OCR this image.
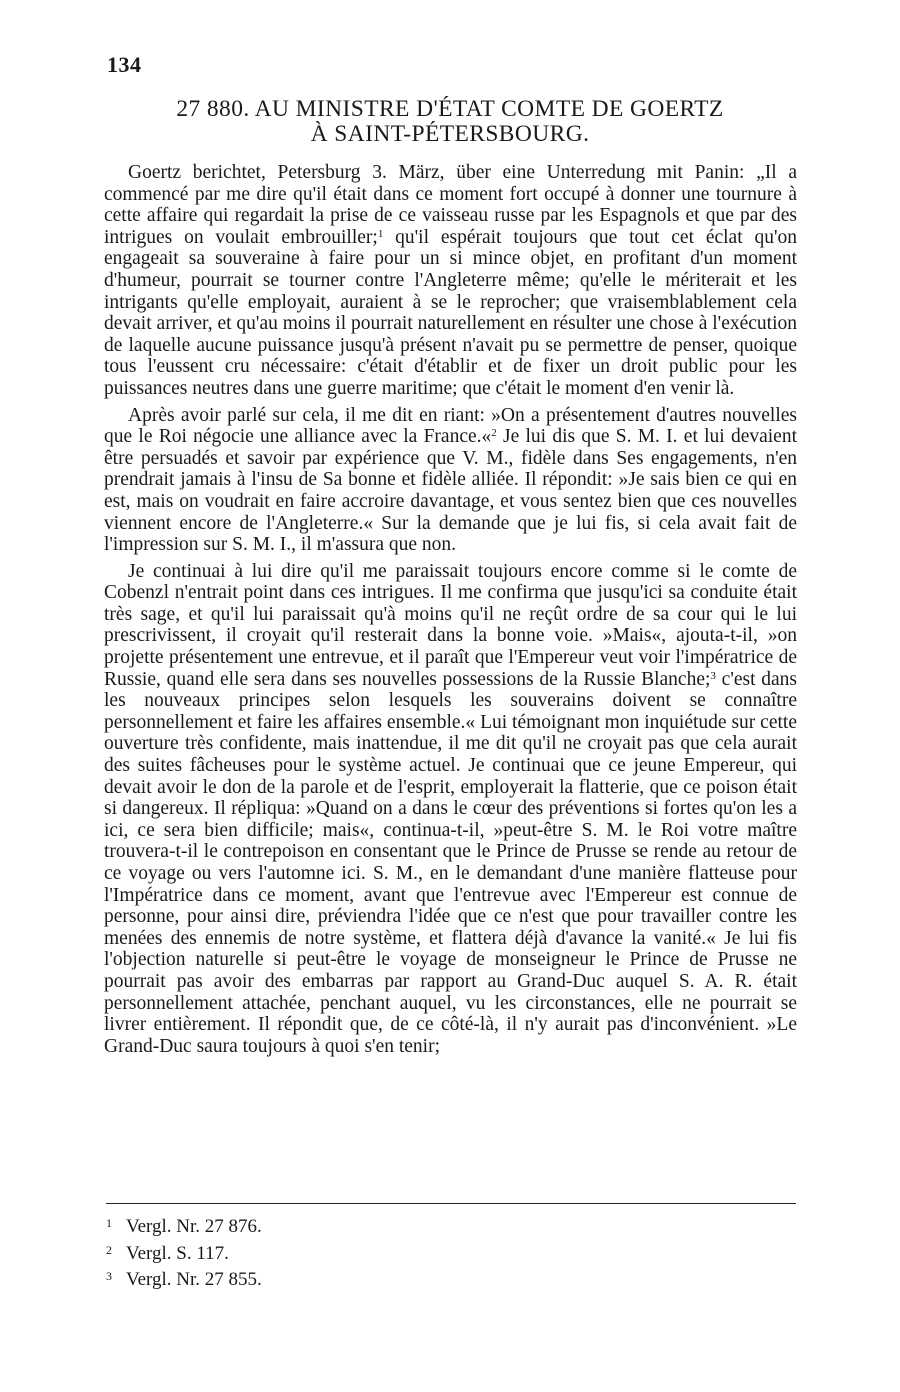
134
27 880. AU MINISTRE D'ÉTAT COMTE DE GOERTZ
À SAINT-PÉTERSBOURG.

Goertz berichtet, Petersburg 3. März, über eine Unterredung mit Panin: „Il a commencé par me dire qu'il était dans ce moment fort occupé à donner une tournure à cette affaire qui regardait la prise de ce vaisseau russe par les Espagnols et que par des intrigues on voulait embrouiller;$^1$ qu'il espérait toujours que tout cet éclat qu'on engageait sa souveraine à faire pour un si mince objet, en profitant d'un moment d'humeur, pourrait se tourner contre l'Angleterre même; qu'elle le mériterait et les intrigants qu'elle employait, auraient à se le reprocher; que vraisemblablement cela devait arriver, et qu'au moins il pourrait naturellement en résulter une chose à l'exécution de laquelle aucune puissance jusqu'à présent n'avait pu se permettre de penser, quoique tous l'eussent cru nécessaire: c'était d'établir et de fixer un droit public pour les puissances neutres dans une guerre maritime; que c'était le moment d'en venir là.

Après avoir parlé sur cela, il me dit en riant: »On a présentement d'autres nouvelles que le Roi négocie une alliance avec la France.«$^2$ Je lui dis que S. M. I. et lui devaient être persuadés et savoir par expérience que V. M., fidèle dans Ses engagements, n'en prendrait jamais à l'insu de Sa bonne et fidèle alliée. Il répondit: »Je sais bien ce qui en est, mais on voudrait en faire accroire davantage, et vous sentez bien que ces nouvelles viennent encore de l'Angleterre.« Sur la demande que je lui fis, si cela avait fait de l'impression sur S. M. I., il m'assura que non.

Je continuai à lui dire qu'il me paraissait toujours encore comme si le comte de Cobenzl n'entrait point dans ces intrigues. Il me confirma que jusqu'ici sa conduite était très sage, et qu'il lui paraissait qu'à moins qu'il ne reçût ordre de sa cour qui le lui prescrivissent, il croyait qu'il resterait dans la bonne voie. »Mais«, ajouta-t-il, »on projette présentement une entrevue, et il paraît que l'Empereur veut voir l'impératrice de Russie, quand elle sera dans ses nouvelles possessions de la Russie Blanche;$^3$ c'est dans les nouveaux principes selon lesquels les souverains doivent se connaître personnellement et faire les affaires ensemble.« Lui témoignant mon inquiétude sur cette ouverture très confidente, mais inattendue, il me dit qu'il ne croyait pas que cela aurait des suites fâcheuses pour le système actuel. Je continuai que ce jeune Empereur, qui devait avoir le don de la parole et de l'esprit, employerait la flatterie, que ce poison était si dangereux. Il répliqua: »Quand on a dans le cœur des préventions si fortes qu'on les a ici, ce sera bien difficile; mais«, continua-t-il, »peut-être S. M. le Roi votre maître trouvera-t-il le contrepoison en consentant que le Prince de Prusse se rende au retour de ce voyage ou vers l'automne ici. S. M., en le demandant d'une manière flatteuse pour l'Impératrice dans ce moment, avant que l'entrevue avec l'Empereur est connue de personne, pour ainsi dire, préviendra l'idée que ce n'est que pour travailler contre les menées des ennemis de notre système, et flattera déjà d'avance la vanité.« Je lui fis l'objection naturelle si peut-être le voyage de monseigneur le Prince de Prusse ne pourrait pas avoir des embarras par rapport au Grand-Duc auquel S. A. R. était personnellement attachée, penchant auquel, vu les circonstances, elle ne pourrait se livrer entièrement. Il répondit que, de ce côté-là, il n'y aurait pas d'inconvénient. »Le Grand-Duc saura toujours à quoi s'en tenir;

1 Vergl. Nr. 27 876.
2 Vergl. S. 117.
3 Vergl. Nr. 27 855.
